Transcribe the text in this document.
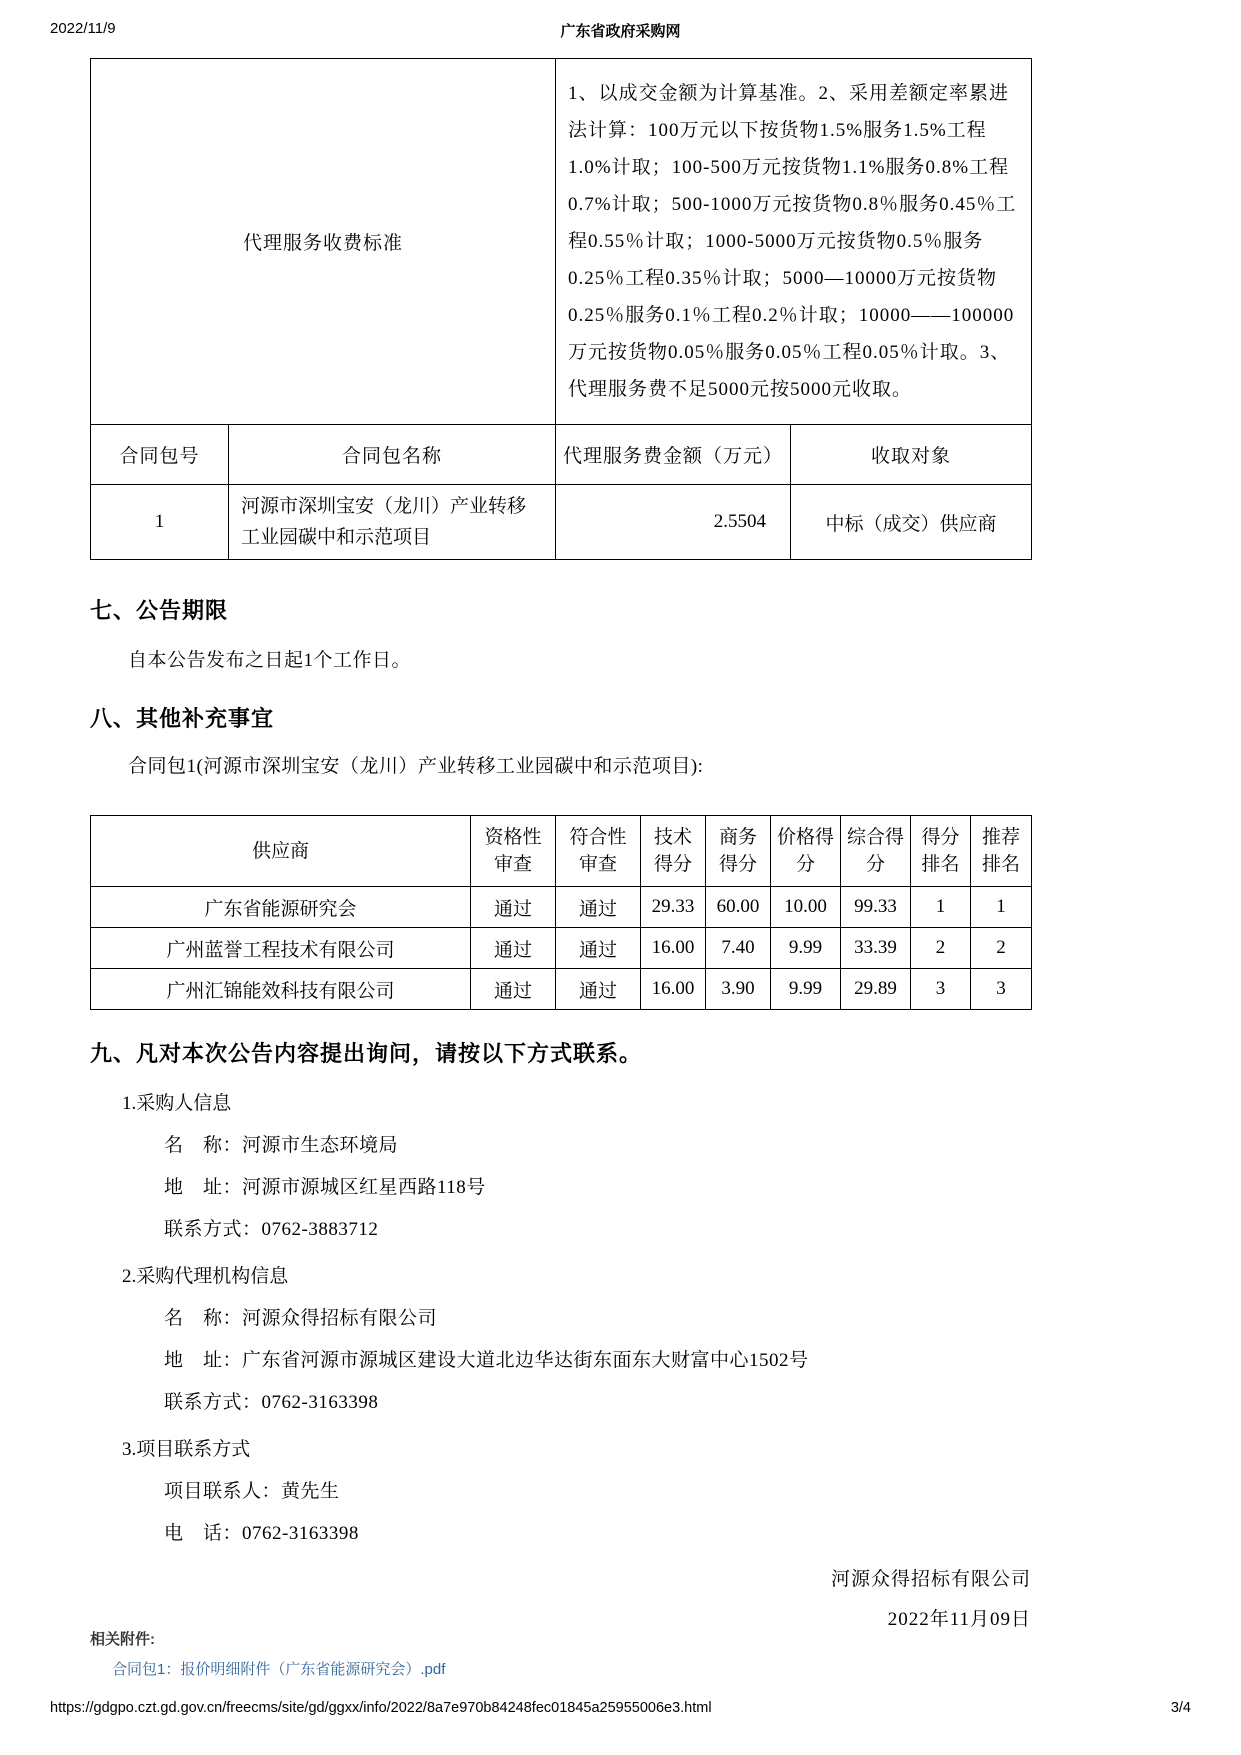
2022/11/9	广东省政府采购网
代理服务收费标准		1、以成交金额为计算基准。2、采用差额定率累进法计算：100万元以下按货物1.5%服务1.5%工程1.0%计取；100-500万元按货物1.1%服务0.8%工程0.7%计取；500-1000万元按货物0.8％服务0.45％工程0.55％计取；1000-5000万元按货物0.5％服务0.25％工程0.35％计取；5000—10000万元按货物0.25％服务0.1％工程0.2％计取；10000——100000万元按货物0.05％服务0.05％工程0.05％计取。3、代理服务费不足5000元按5000元收取。	
合同包号	合同包名称	代理服务费金额（万元）	收取对象
1	河源市深圳宝安（龙川）产业转移工业园碳中和示范项目	2.5504	中标（成交）供应商
七、公告期限
自本公告发布之日起1个工作日。
八、其他补充事宜
合同包1(河源市深圳宝安（龙川）产业转移工业园碳中和示范项目):
供应商	资格性审查	符合性审查	技术得分	商务得分	价格得分	综合得分	得分排名	推荐排名
广东省能源研究会	通过	通过	29.33	60.00	10.00	99.33	1	1
广州蓝誉工程技术有限公司	通过	通过	16.00	7.40	9.99	33.39	2	2
广州汇锦能效科技有限公司	通过	通过	16.00	3.90	9.99	29.89	3	3
九、凡对本次公告内容提出询问，请按以下方式联系。
1.采购人信息
名　称：河源市生态环境局
地　址：河源市源城区红星西路118号
联系方式：0762-3883712
2.采购代理机构信息
名　称：河源众得招标有限公司
地　址：广东省河源市源城区建设大道北边华达街东面东大财富中心1502号
联系方式：0762-3163398
3.项目联系方式
项目联系人：黄先生
电　话：0762-3163398
河源众得招标有限公司
2022年11月09日
相关附件:
合同包1：报价明细附件（广东省能源研究会）.pdf
https://gdgpo.czt.gd.gov.cn/freecms/site/gd/ggxx/info/2022/8a7e970b84248fec01845a25955006e3.html	3/4
